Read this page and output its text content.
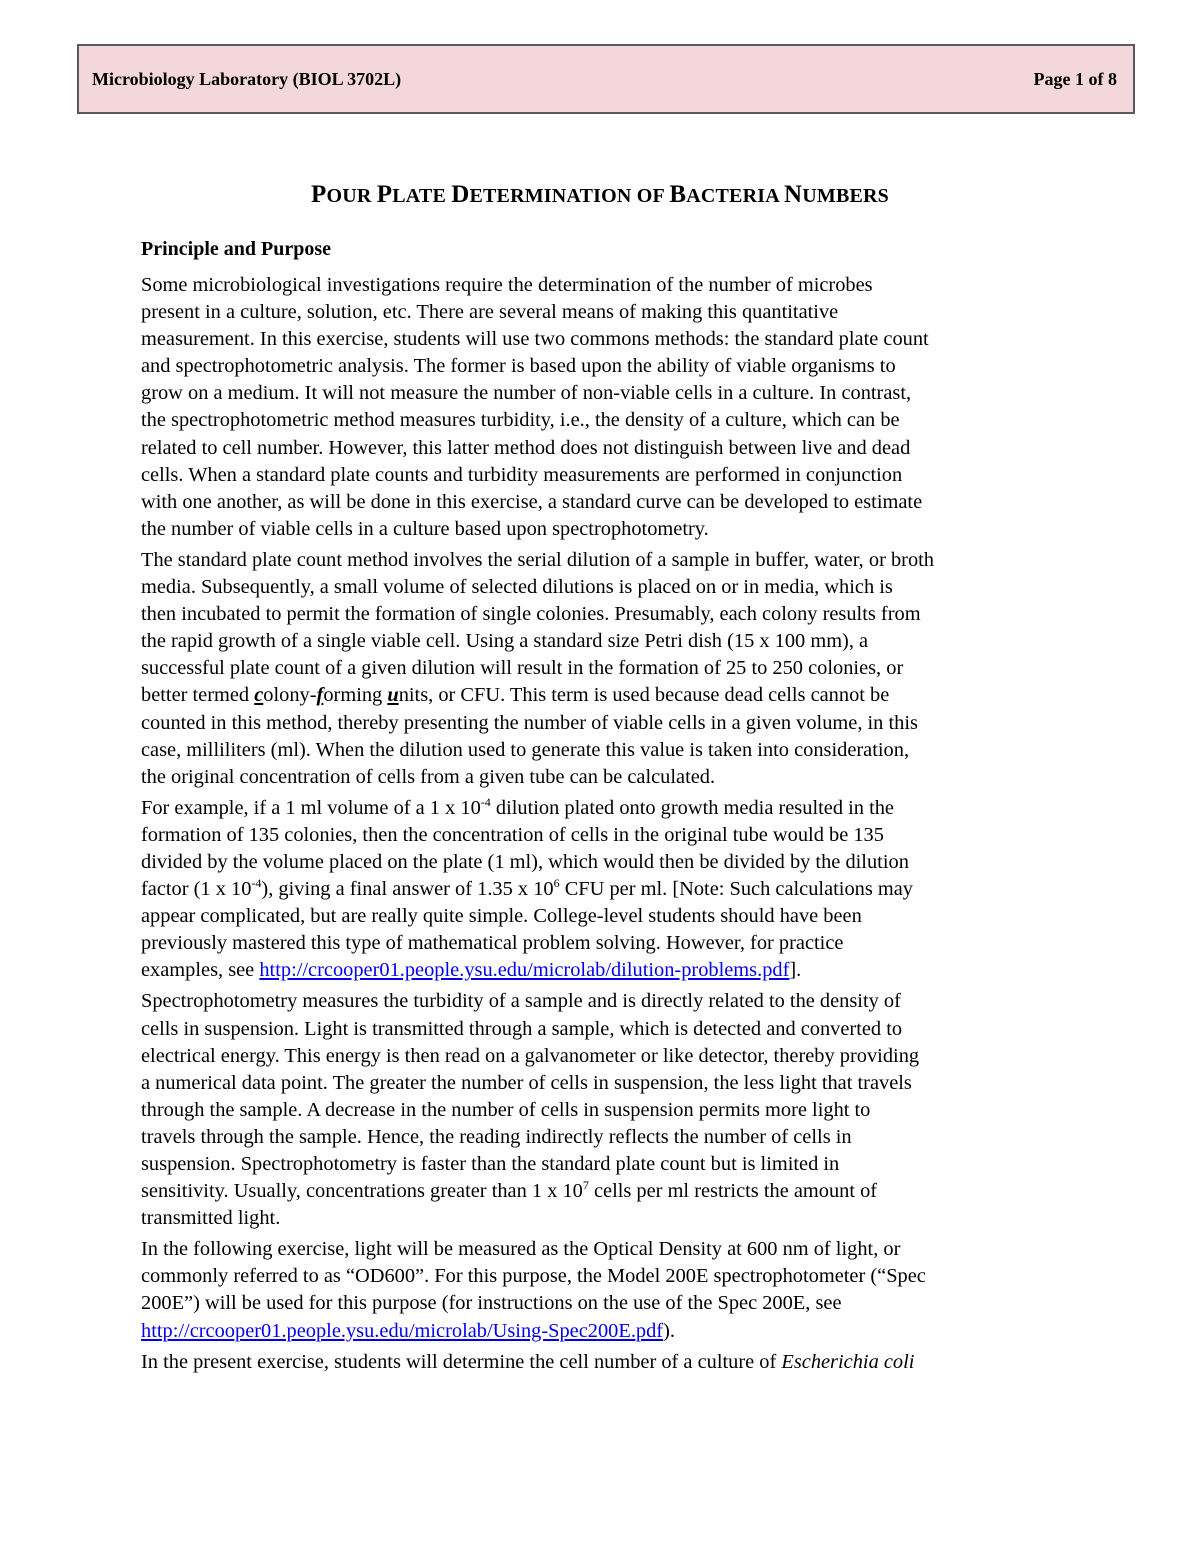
Microbiology Laboratory (BIOL 3702L)	Page 1 of 8
POUR PLATE DETERMINATION OF BACTERIA NUMBERS
Principle and Purpose
Some microbiological investigations require the determination of the number of microbes
present in a culture, solution, etc. There are several means of making this quantitative
measurement. In this exercise, students will use two commons methods: the standard plate count
and spectrophotometric analysis. The former is based upon the ability of viable organisms to
grow on a medium. It will not measure the number of non-viable cells in a culture. In contrast,
the spectrophotometric method measures turbidity, i.e., the density of a culture, which can be
related to cell number. However, this latter method does not distinguish between live and dead
cells. When a standard plate counts and turbidity measurements are performed in conjunction
with one another, as will be done in this exercise, a standard curve can be developed to estimate
the number of viable cells in a culture based upon spectrophotometry.
The standard plate count method involves the serial dilution of a sample in buffer, water, or broth
media. Subsequently, a small volume of selected dilutions is placed on or in media, which is
then incubated to permit the formation of single colonies. Presumably, each colony results from
the rapid growth of a single viable cell. Using a standard size Petri dish (15 x 100 mm), a
successful plate count of a given dilution will result in the formation of 25 to 250 colonies, or
better termed colony-forming units, or CFU. This term is used because dead cells cannot be
counted in this method, thereby presenting the number of viable cells in a given volume, in this
case, milliliters (ml). When the dilution used to generate this value is taken into consideration,
the original concentration of cells from a given tube can be calculated.
For example, if a 1 ml volume of a 1 x $10^{-4}$ dilution plated onto growth media resulted in the
formation of 135 colonies, then the concentration of cells in the original tube would be 135
divided by the volume placed on the plate (1 ml), which would then be divided by the dilution
factor (1 x $10^{-4}$), giving a final answer of 1.35 x $10^6$ CFU per ml. [Note: Such calculations may
appear complicated, but are really quite simple. College-level students should have been
previously mastered this type of mathematical problem solving. However, for practice
examples, see http://crcooper01.people.ysu.edu/microlab/dilution-problems.pdf].
Spectrophotometry measures the turbidity of a sample and is directly related to the density of
cells in suspension. Light is transmitted through a sample, which is detected and converted to
electrical energy. This energy is then read on a galvanometer or like detector, thereby providing
a numerical data point. The greater the number of cells in suspension, the less light that travels
through the sample. A decrease in the number of cells in suspension permits more light to
travels through the sample. Hence, the reading indirectly reflects the number of cells in
suspension. Spectrophotometry is faster than the standard plate count but is limited in
sensitivity. Usually, concentrations greater than 1 x $10^7$ cells per ml restricts the amount of
transmitted light.
In the following exercise, light will be measured as the Optical Density at 600 nm of light, or
commonly referred to as “OD600”. For this purpose, the Model 200E spectrophotometer (“Spec
200E”) will be used for this purpose (for instructions on the use of the Spec 200E, see
http://crcooper01.people.ysu.edu/microlab/Using-Spec200E.pdf).
In the present exercise, students will determine the cell number of a culture of Escherichia coli
